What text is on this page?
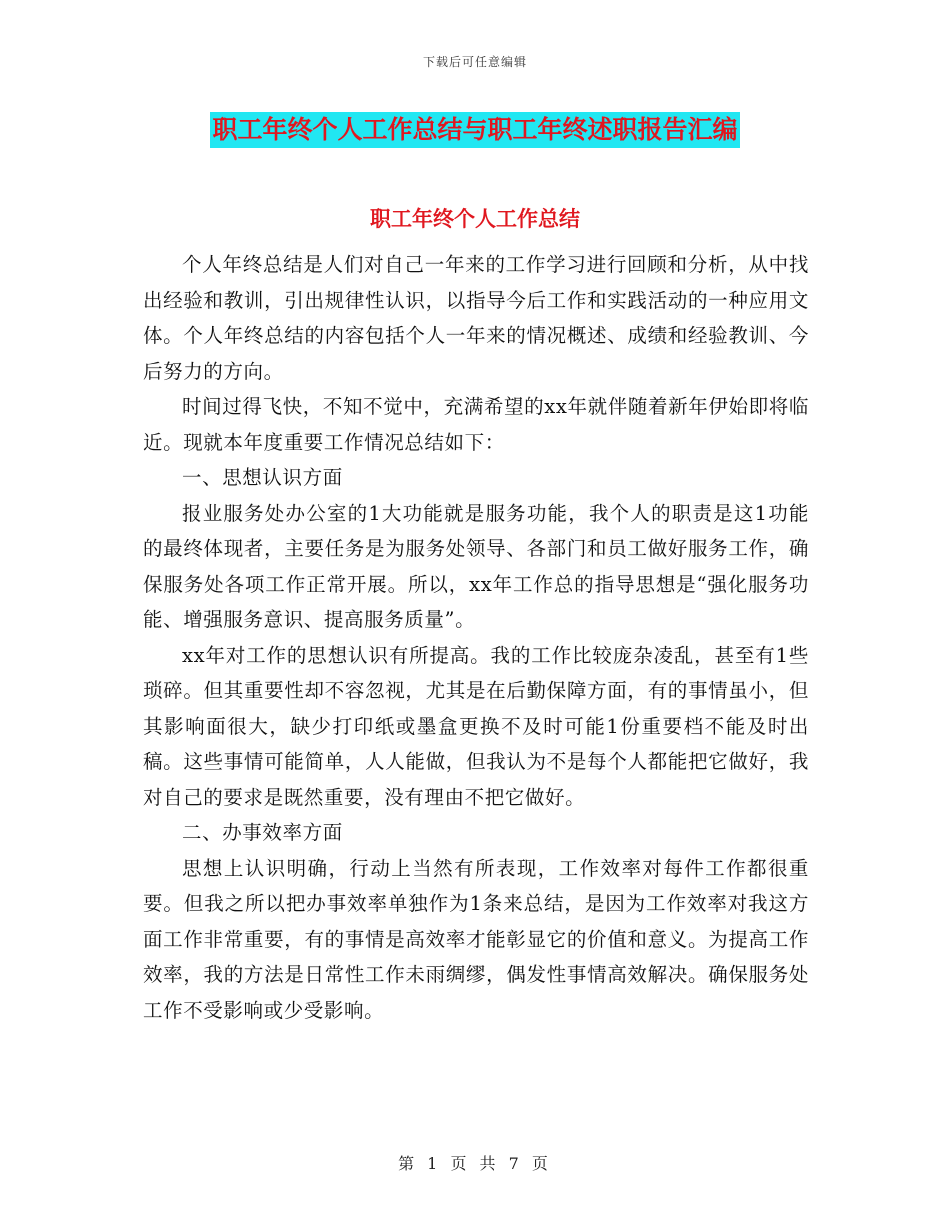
下载后可任意编辑
职工年终个人工作总结与职工年终述职报告汇编
职工年终个人工作总结

个人年终总结是人们对自己一年来的工作学习进行回顾和分析，从中找出经验和教训，引出规律性认识，以指导今后工作和实践活动的一种应用文体。个人年终总结的内容包括个人一年来的情况概述、成绩和经验教训、今后努力的方向。

时间过得飞快，不知不觉中，充满希望的xx年就伴随着新年伊始即将临近。现就本年度重要工作情况总结如下：

一、思想认识方面

报业服务处办公室的1大功能就是服务功能，我个人的职责是这1功能的最终体现者，主要任务是为服务处领导、各部门和员工做好服务工作，确保服务处各项工作正常开展。所以，xx年工作总的指导思想是“强化服务功能、增强服务意识、提高服务质量”。

xx年对工作的思想认识有所提高。我的工作比较庞杂凌乱，甚至有1些琐碎。但其重要性却不容忽视，尤其是在后勤保障方面，有的事情虽小，但其影响面很大，缺少打印纸或墨盒更换不及时可能1份重要档不能及时出稿。这些事情可能简单，人人能做，但我认为不是每个人都能把它做好，我对自己的要求是既然重要，没有理由不把它做好。

二、办事效率方面

思想上认识明确，行动上当然有所表现，工作效率对每件工作都很重要。但我之所以把办事效率单独作为1条来总结，是因为工作效率对我这方面工作非常重要，有的事情是高效率才能彰显它的价值和意义。为提高工作效率，我的方法是日常性工作未雨绸缪，偶发性事情高效解决。确保服务处工作不受影响或少受影响。

第 1 页 共 7 页
